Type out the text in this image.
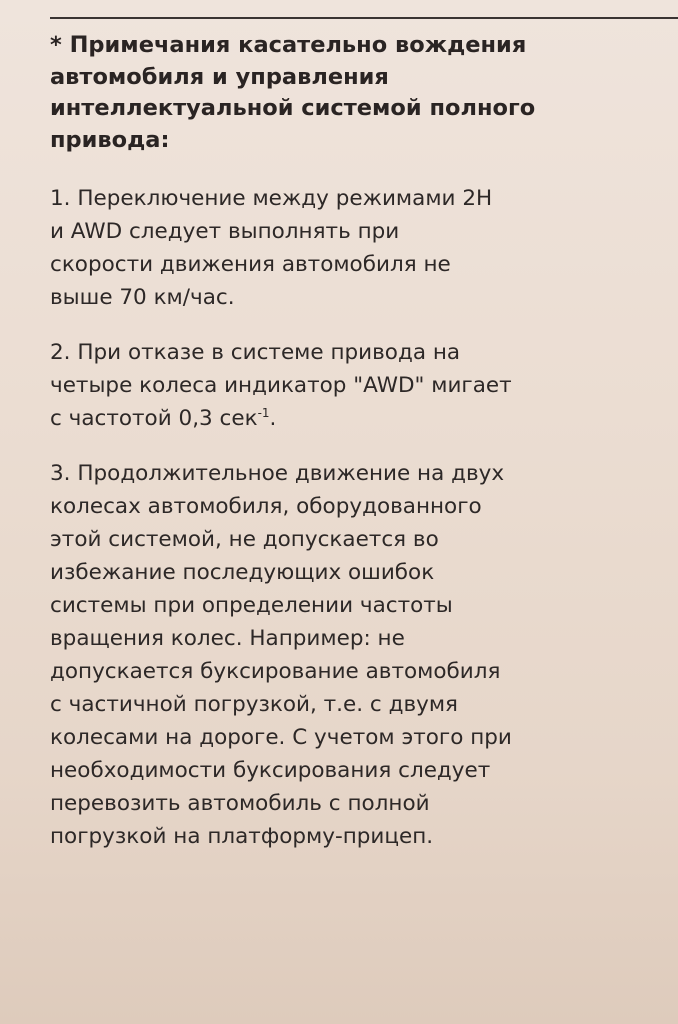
* Примечания касательно вождения
автомобиля и управления
интеллектуальной системой полного
привода:

1. Переключение между режимами 2H
и AWD следует выполнять при
скорости движения автомобиля не
выше 70 км/час.

2. При отказе в системе привода на
четыре колеса индикатор "AWD" мигает
с частотой 0,3 сек$^{-1}$.

3. Продолжительное движение на двух
колесах автомобиля, оборудованного
этой системой, не допускается во
избежание последующих ошибок
системы при определении частоты
вращения колес. Например: не
допускается буксирование автомобиля
с частичной погрузкой, т.е. с двумя
колесами на дороге. С учетом этого при
необходимости буксирования следует
перевозить автомобиль с полной
погрузкой на платформу-прицеп.
